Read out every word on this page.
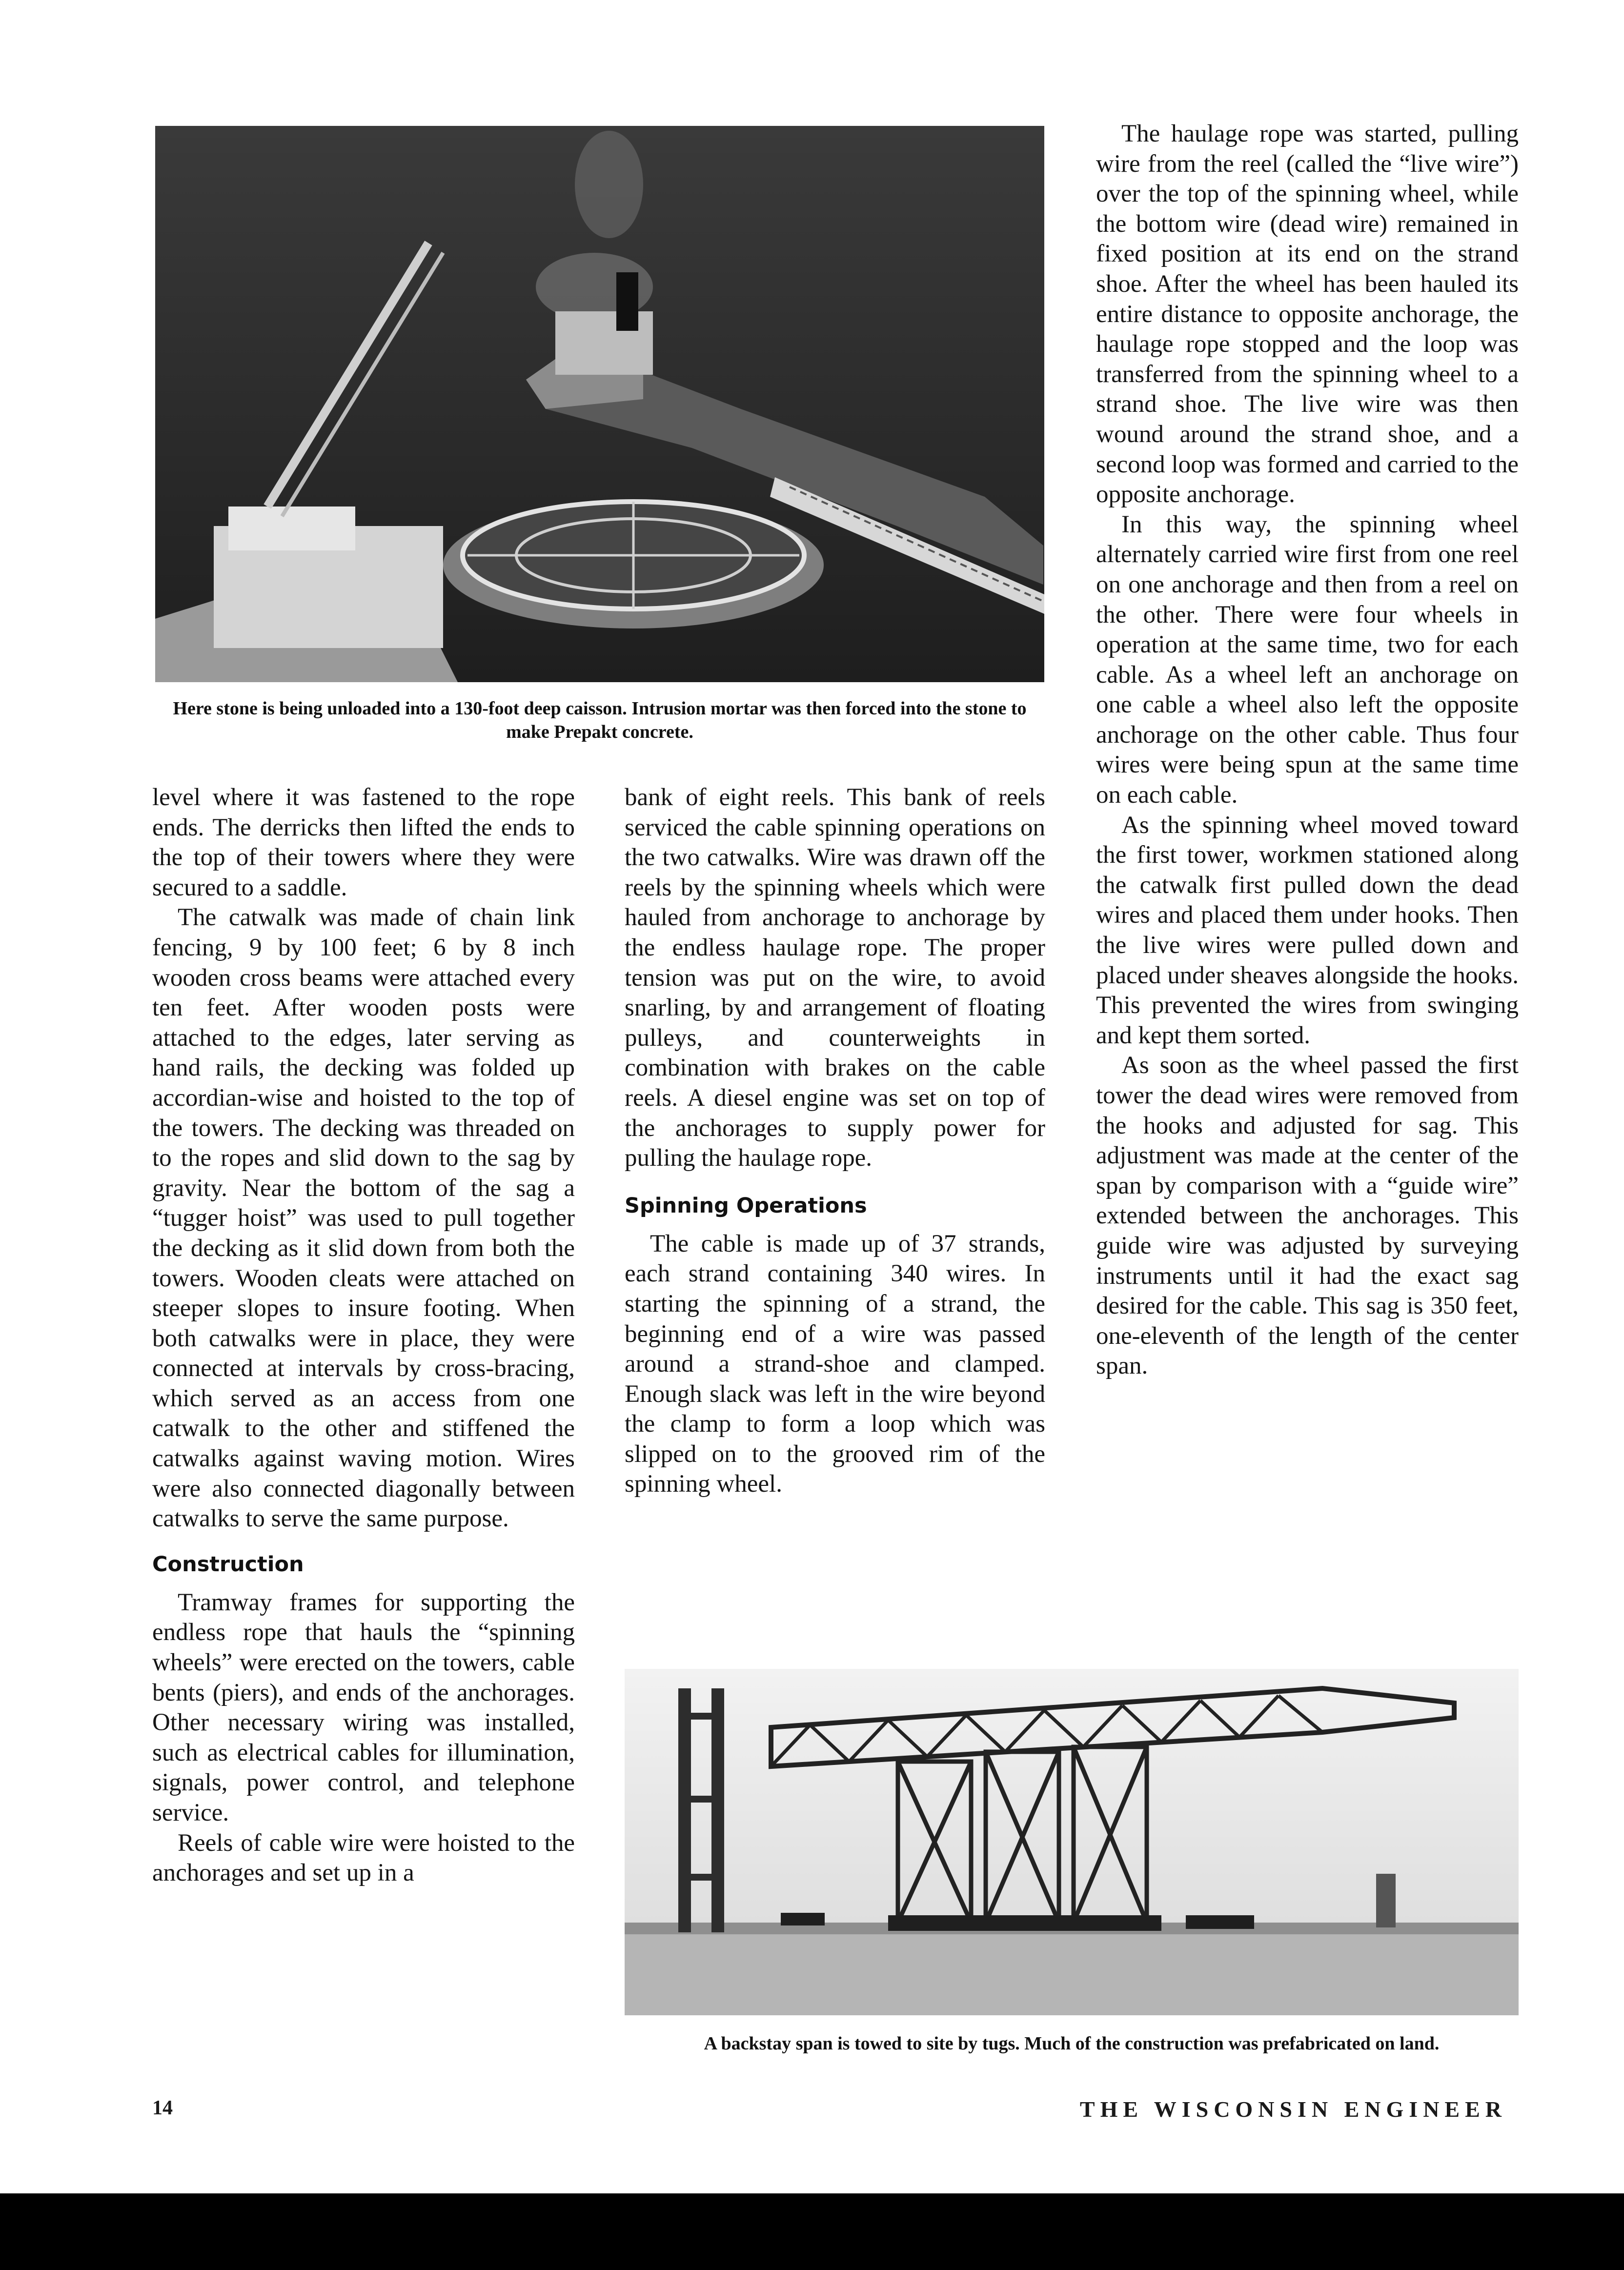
Here stone is being unloaded into a 130-foot deep caisson. Intrusion mortar was then forced into the stone to make Prepakt concrete.

level where it was fastened to the rope ends. The derricks then lifted the ends to the top of their towers where they were secured to a saddle.

The catwalk was made of chain link fencing, 9 by 100 feet; 6 by 8 inch wooden cross beams were attached every ten feet. After wooden posts were attached to the edges, later serving as hand rails, the decking was folded up accordian-wise and hoisted to the top of the towers. The decking was threaded on to the ropes and slid down to the sag by gravity. Near the bottom of the sag a “tugger hoist” was used to pull together the decking as it slid down from both the towers. Wooden cleats were attached on steeper slopes to insure footing. When both catwalks were in place, they were connected at intervals by cross-bracing, which served as an access from one catwalk to the other and stiffened the catwalks against waving motion. Wires were also connected diagonally between catwalks to serve the same purpose.

Construction

Tramway frames for supporting the endless rope that hauls the “spinning wheels” were erected on the towers, cable bents (piers), and ends of the anchorages. Other necessary wiring was installed, such as electrical cables for illumination, signals, power control, and telephone service.

Reels of cable wire were hoisted to the anchorages and set up in a

bank of eight reels. This bank of reels serviced the cable spinning operations on the two catwalks. Wire was drawn off the reels by the spinning wheels which were hauled from anchorage to anchorage by the endless haulage rope. The proper tension was put on the wire, to avoid snarling, by and arrangement of floating pulleys, and counterweights in combination with brakes on the cable reels. A diesel engine was set on top of the anchorages to supply power for pulling the haulage rope.

Spinning Operations

The cable is made up of 37 strands, each strand containing 340 wires. In starting the spinning of a strand, the beginning end of a wire was passed around a strand-shoe and clamped. Enough slack was left in the wire beyond the clamp to form a loop which was slipped on to the grooved rim of the spinning wheel.

The haulage rope was started, pulling wire from the reel (called the “live wire”) over the top of the spinning wheel, while the bottom wire (dead wire) remained in fixed position at its end on the strand shoe. After the wheel has been hauled its entire distance to opposite anchorage, the haulage rope stopped and the loop was transferred from the spinning wheel to a strand shoe. The live wire was then wound around the strand shoe, and a second loop was formed and carried to the opposite anchorage.

In this way, the spinning wheel alternately carried wire first from one reel on one anchorage and then from a reel on the other. There were four wheels in operation at the same time, two for each cable. As a wheel left an anchorage on one cable a wheel also left the opposite anchorage on the other cable. Thus four wires were being spun at the same time on each cable.

As the spinning wheel moved toward the first tower, workmen stationed along the catwalk first pulled down the dead wires and placed them under hooks. Then the live wires were pulled down and placed under sheaves alongside the hooks. This prevented the wires from swinging and kept them sorted.

As soon as the wheel passed the first tower the dead wires were removed from the hooks and adjusted for sag. This adjustment was made at the center of the span by comparison with a “guide wire” extended between the anchorages. This guide wire was adjusted by surveying instruments until it had the exact sag desired for the cable. This sag is 350 feet, one-eleventh of the length of the center span.

A backstay span is towed to site by tugs. Much of the construction was prefabricated on land.
14	THE WISCONSIN ENGINEER
